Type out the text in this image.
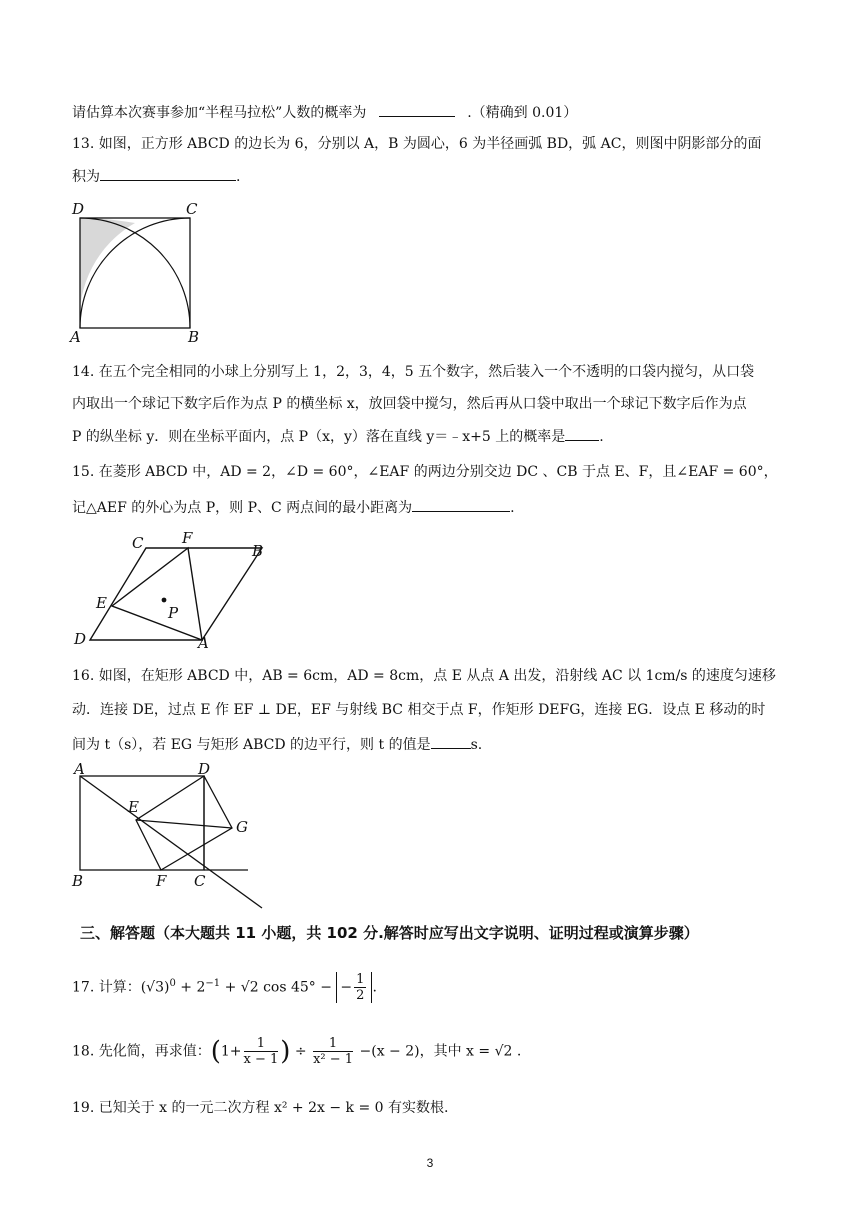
请估算本次赛事参加“半程马拉松”人数的概率为	.（精确到 0.01）
13. 如图，正方形 ABCD 的边长为 6，分别以 A，B 为圆心，6 为半径画弧 BD，弧 AC，则图中阴影部分的面
积为	.
D	C
A	B
14. 在五个完全相同的小球上分别写上 1，2，3，4，5 五个数字，然后装入一个不透明的口袋内搅匀，从口袋
内取出一个球记下数字后作为点 P 的横坐标 x，放回袋中搅匀，然后再从口袋中取出一个球记下数字后作为点
P 的纵坐标 y．则在坐标平面内，点 P（x，y）落在直线 y＝﹣x+5 上的概率是 .
15. 在菱形 ABCD 中，AD = 2，∠D = 60°，∠EAF 的两边分别交边 DC 、CB 于点 E、F，且∠EAF = 60°，
记△AEF 的外心为点 P，则 P、C 两点间的最小距离为	.
C	F
B
E
P
D	A
16. 如图，在矩形 ABCD 中，AB = 6cm，AD = 8cm，点 E 从点 A 出发，沿射线 AC 以 1cm/s 的速度匀速移
动．连接 DE，过点 E 作 EF ⊥ DE，EF 与射线 BC 相交于点 F，作矩形 DEFG，连接 EG．设点 E 移动的时
间为 t（s），若 EG 与矩形 ABCD 的边平行，则 t 的值是	s.
A	D
E
G
B	F C
三、解答题（本大题共 11 小题，共 102 分.解答时应写出文字说明、证明过程或演算步骤）
17. 计算：$(√3)^0 + 2^{-1} + √2$ cos 45° − − $\frac{1}{2}$ .
18. 先化简，再求值：($1+ \frac{1}{x - 1}$ ) ÷ $\frac{1}{\text{x² − 1}} -(x - 2)$，其中 x = √2 .
19. 已知关于 x 的一元二次方程 x² + 2x − k = 0 有实数根.
3
